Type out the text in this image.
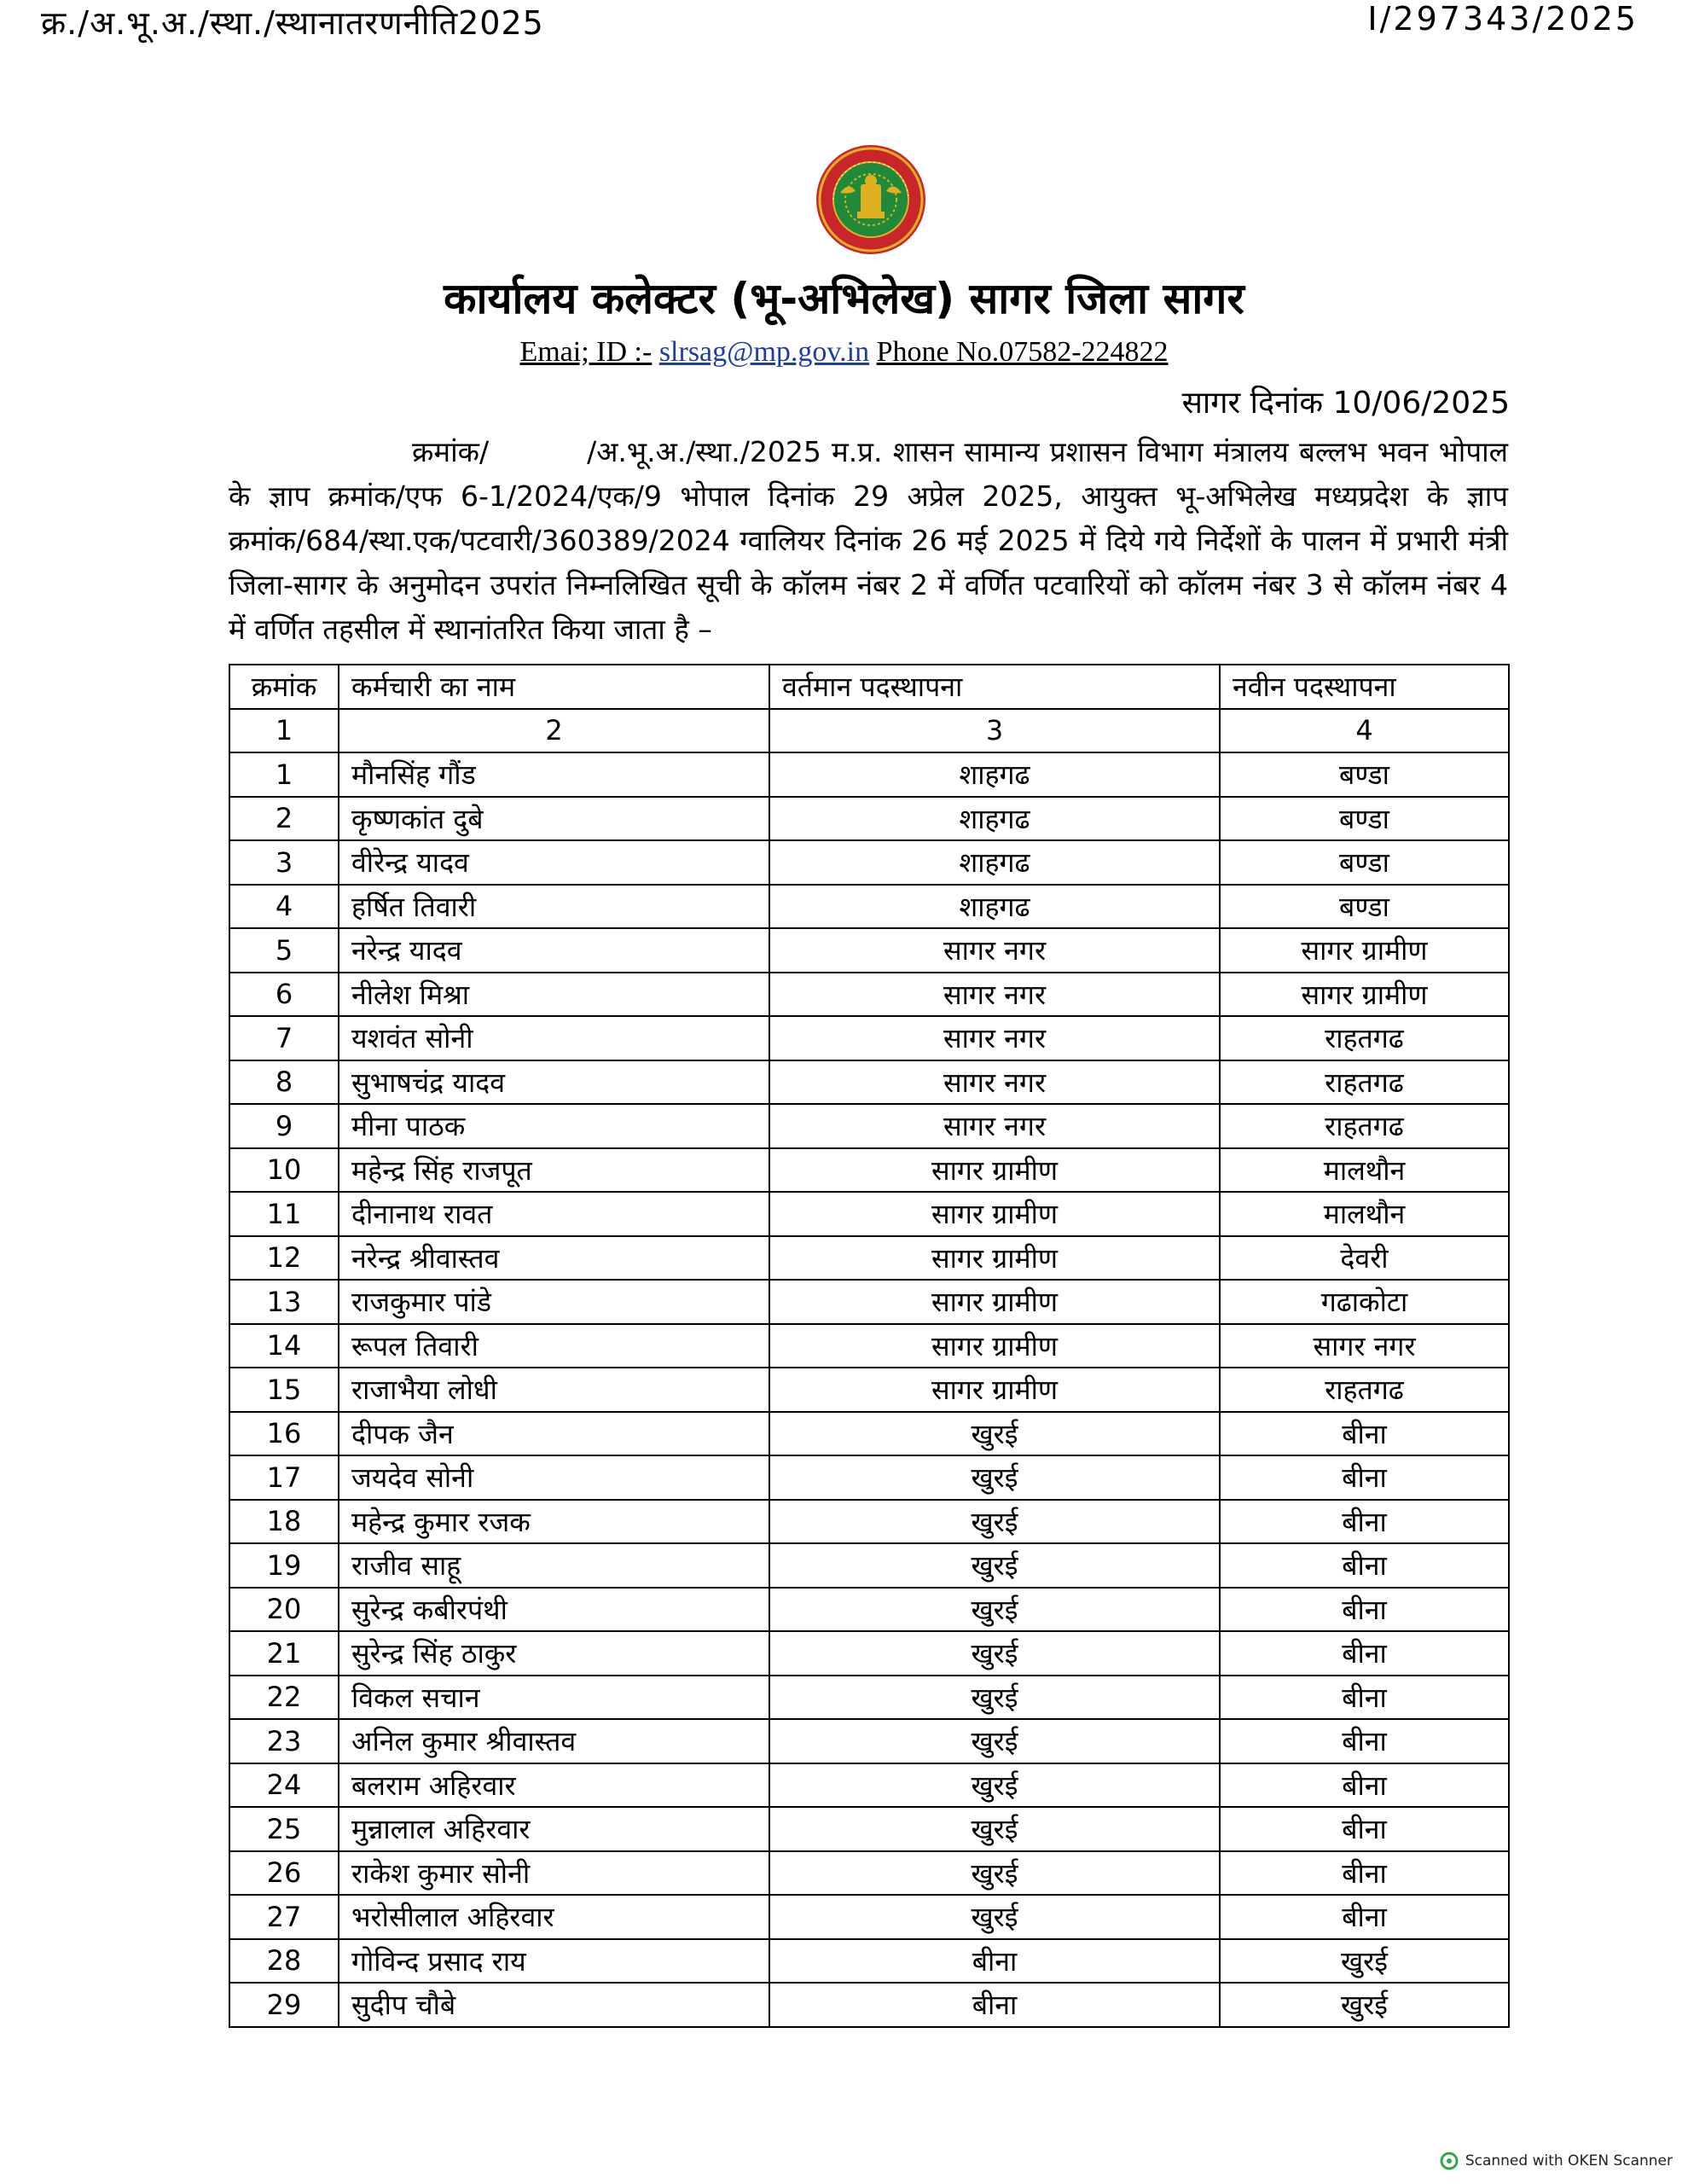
क्र./अ.भू.अ./स्था./स्थानातरणनीति2025	I/297343/2025
कार्यालय कलेक्टर (भू-अभिलेख) सागर जिला सागर
Emai; ID :- slrsag@mp.gov.in Phone No.07582-224822
सागर दिनांक 10/06/2025
क्रमांक/	/अ.भू.अ./स्था./2025 म.प्र. शासन सामान्य प्रशासन विभाग मंत्रालय बल्लभ भवन भोपाल के ज्ञाप क्रमांक/एफ 6-1/2024/एक/9 भोपाल दिनांक 29 अप्रेल 2025, आयुक्त भू-अभिलेख मध्यप्रदेश के ज्ञाप क्रमांक/684/स्था.एक/पटवारी/360389/2024 ग्वालियर दिनांक 26 मई 2025 में दिये गये निर्देशों के पालन में प्रभारी मंत्री जिला-सागर के अनुमोदन उपरांत निम्नलिखित सूची के कॉलम नंबर 2 में वर्णित पटवारियों को कॉलम नंबर 3 से कॉलम नंबर 4 में वर्णित तहसील में स्थानांतरित किया जाता है –
क्रमांक	कर्मचारी का नाम	वर्तमान पदस्थापना	नवीन पदस्थापना
1	2	3	4
1	मौनसिंह गौंड	शाहगढ	बण्डा
2	कृष्णकांत दुबे	शाहगढ	बण्डा
3	वीरेन्द्र यादव	शाहगढ	बण्डा
4	हर्षित तिवारी	शाहगढ	बण्डा
5	नरेन्द्र यादव	सागर नगर	सागर ग्रामीण
6	नीलेश मिश्रा	सागर नगर	सागर ग्रामीण
7	यशवंत सोनी	सागर नगर	राहतगढ
8	सुभाषचंद्र यादव	सागर नगर	राहतगढ
9	मीना पाठक	सागर नगर	राहतगढ
10	महेन्द्र सिंह राजपूत	सागर ग्रामीण	मालथौन
11	दीनानाथ रावत	सागर ग्रामीण	मालथौन
12	नरेन्द्र श्रीवास्तव	सागर ग्रामीण	देवरी
13	राजकुमार पांडे	सागर ग्रामीण	गढाकोटा
14	रूपल तिवारी	सागर ग्रामीण	सागर नगर
15	राजाभैया लोधी	सागर ग्रामीण	राहतगढ
16	दीपक जैन	खुरई	बीना
17	जयदेव सोनी	खुरई	बीना
18	महेन्द्र कुमार रजक	खुरई	बीना
19	राजीव साहू	खुरई	बीना
20	सुरेन्द्र कबीरपंथी	खुरई	बीना
21	सुरेन्द्र सिंह ठाकुर	खुरई	बीना
22	विकल सचान	खुरई	बीना
23	अनिल कुमार श्रीवास्तव	खुरई	बीना
24	बलराम अहिरवार	खुरई	बीना
25	मुन्नालाल अहिरवार	खुरई	बीना
26	राकेश कुमार सोनी	खुरई	बीना
27	भरोसीलाल अहिरवार	खुरई	बीना
28	गोविन्द प्रसाद राय	बीना	खुरई
29	सुदीप चौबे	बीना	खुरई
Scanned with OKEN Scanner
